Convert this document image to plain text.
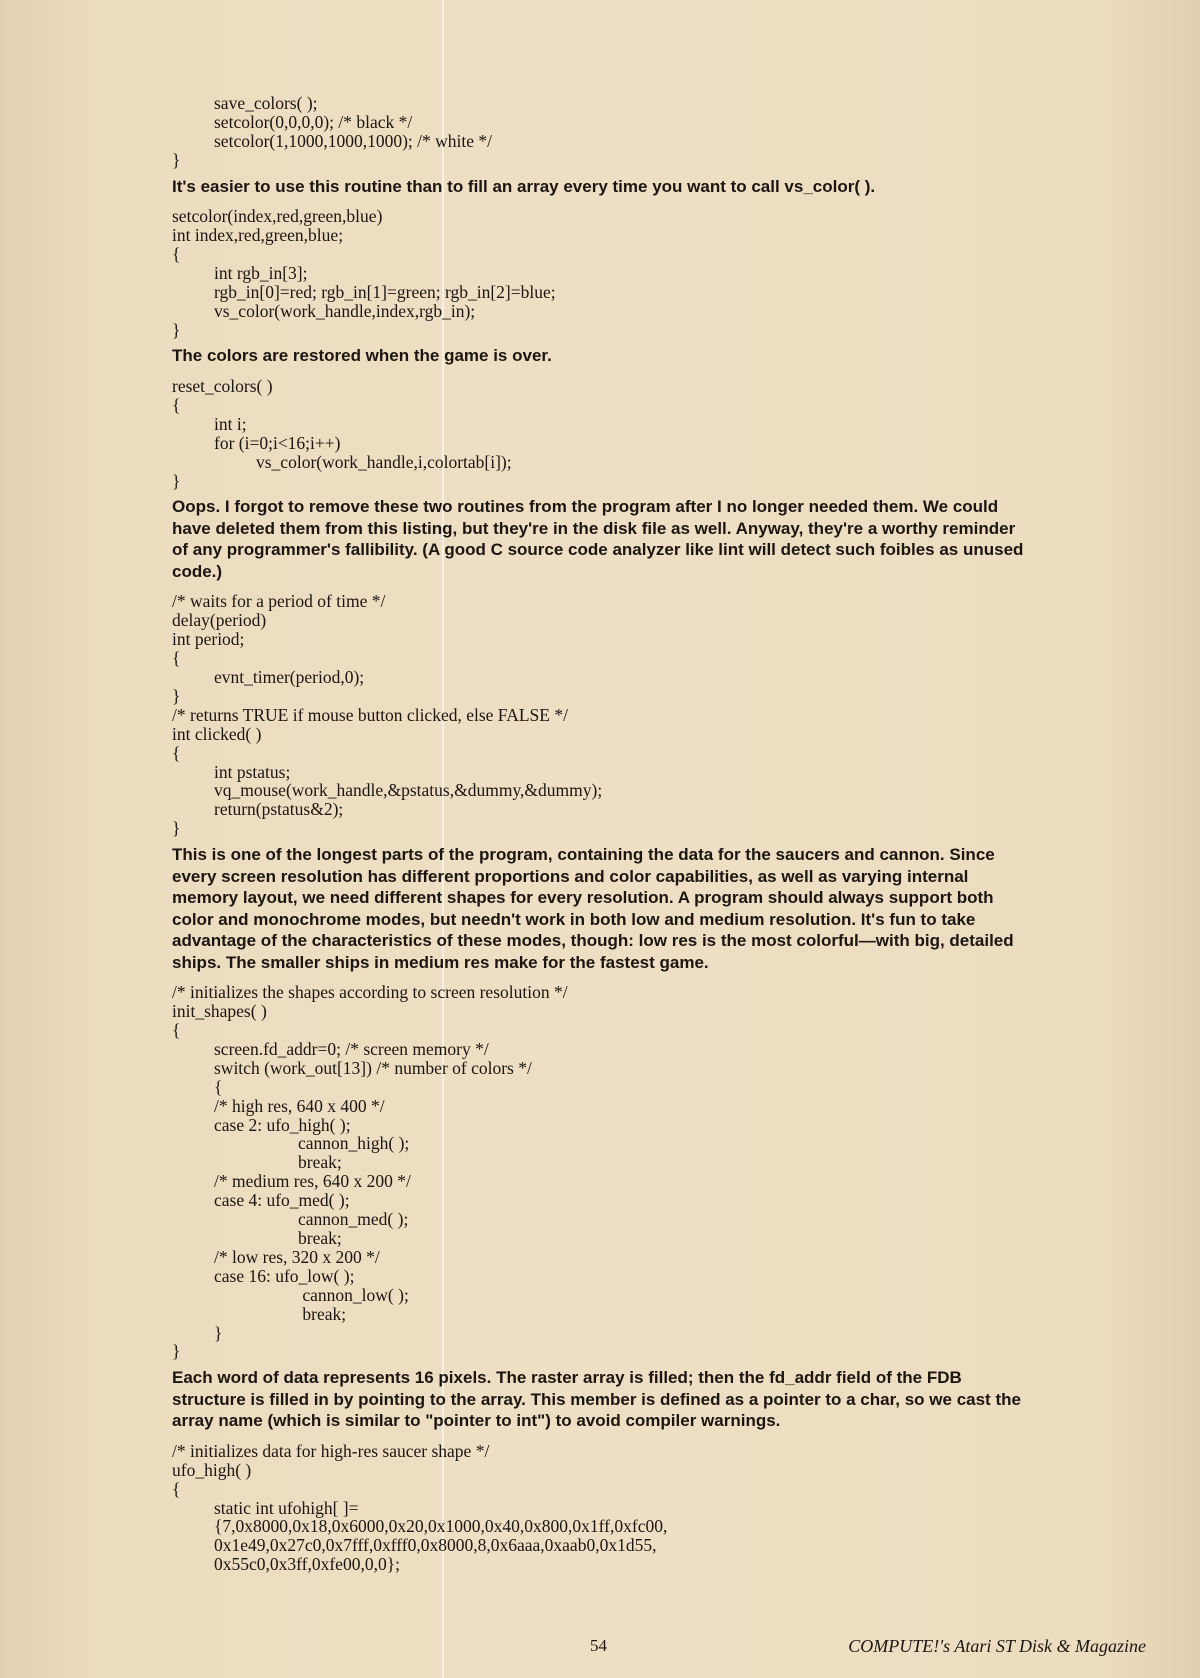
save_colors( );
setcolor(0,0,0,0); /* black */
setcolor(1,1000,1000,1000); /* white */
}

It's easier to use this routine than to fill an array every time you want to call vs_color( ).

setcolor(index,red,green,blue)
int index,red,green,blue;
{
int rgb_in[3];
rgb_in[0]=red; rgb_in[1]=green; rgb_in[2]=blue;
vs_color(work_handle,index,rgb_in);
}

The colors are restored when the game is over.

reset_colors( )
{
int i;
for (i=0;i<16;i++)
vs_color(work_handle,i,colortab[i]);
}

Oops. I forgot to remove these two routines from the program after I no longer needed them. We could have deleted them from this listing, but they're in the disk file as well. Anyway, they're a worthy reminder of any programmer's fallibility. (A good C source code analyzer like lint will detect such foibles as unused code.)

/* waits for a period of time */
delay(period)
int period;
{
evnt_timer(period,0);
}
/* returns TRUE if mouse button clicked, else FALSE */
int clicked( )
{
int pstatus;
vq_mouse(work_handle,&pstatus,&dummy,&dummy);
return(pstatus&2);
}

This is one of the longest parts of the program, containing the data for the saucers and cannon. Since every screen resolution has different proportions and color capabilities, as well as varying internal memory layout, we need different shapes for every resolution. A program should always support both color and monochrome modes, but needn't work in both low and medium resolution. It's fun to take advantage of the characteristics of these modes, though: low res is the most colorful—with big, detailed ships. The smaller ships in medium res make for the fastest game.

/* initializes the shapes according to screen resolution */
init_shapes( )
{
screen.fd_addr=0; /* screen memory */
switch (work_out[13]) /* number of colors */
{
/* high res, 640 x 400 */
case 2: ufo_high( );
cannon_high( );
break;
/* medium res, 640 x 200 */
case 4: ufo_med( );
cannon_med( );
break;
/* low res, 320 x 200 */
case 16: ufo_low( );
cannon_low( );
break;
}
}

Each word of data represents 16 pixels. The raster array is filled; then the fd_addr field of the FDB structure is filled in by pointing to the array. This member is defined as a pointer to a char, so we cast the array name (which is similar to "pointer to int") to avoid compiler warnings.

/* initializes data for high-res saucer shape */
ufo_high( )
{
static int ufohigh[ ]=
{7,0x8000,0x18,0x6000,0x20,0x1000,0x40,0x800,0x1ff,0xfc00,
0x1e49,0x27c0,0x7fff,0xfff0,0x8000,8,0x6aaa,0xaab0,0x1d55,
0x55c0,0x3ff,0xfe00,0,0};
54	COMPUTE!'s Atari ST Disk & Magazine
